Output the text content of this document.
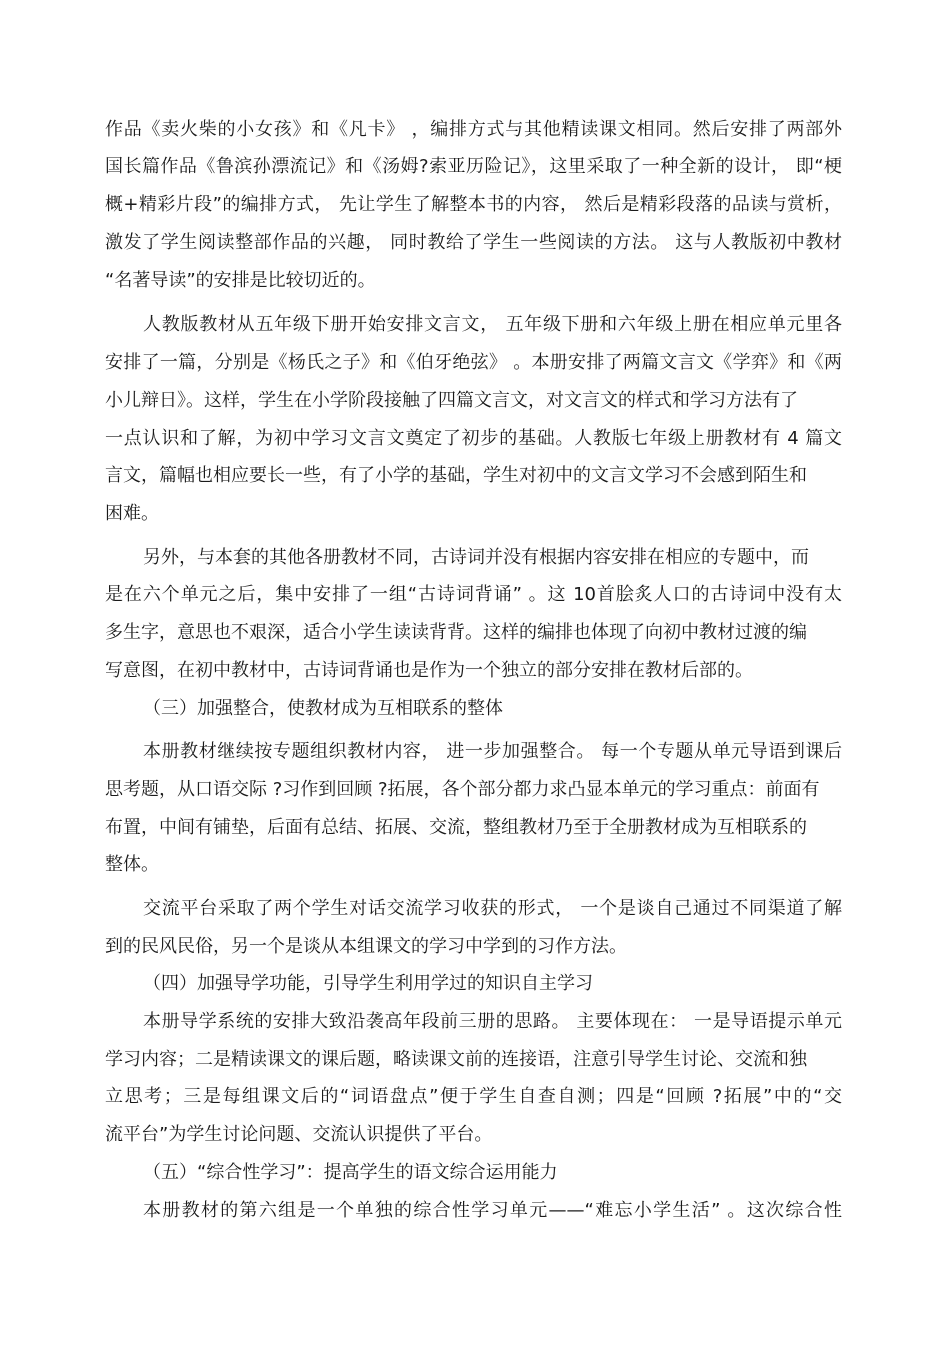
作品《卖火柴的小女孩》和《凡卡》 ，编排方式与其他精读课文相同。然后安排了两部外
国长篇作品《鲁滨孙漂流记》和《汤姆?索亚历险记》，这里采取了一种全新的设计， 即“梗
概+精彩片段”的编排方式， 先让学生了解整本书的内容， 然后是精彩段落的品读与赏析，
激发了学生阅读整部作品的兴趣， 同时教给了学生一些阅读的方法。 这与人教版初中教材
“名著导读”的安排是比较切近的。
人教版教材从五年级下册开始安排文言文， 五年级下册和六年级上册在相应单元里各
安排了一篇，分别是《杨氏之子》和《伯牙绝弦》 。本册安排了两篇文言文《学弈》和《两
小儿辩日》。这样，学生在小学阶段接触了四篇文言文，对文言文的样式和学习方法有了
一点认识和了解，为初中学习文言文奠定了初步的基础。人教版七年级上册教材有 4 篇文
言文，篇幅也相应要长一些，有了小学的基础，学生对初中的文言文学习不会感到陌生和
困难。
另外，与本套的其他各册教材不同，古诗词并没有根据内容安排在相应的专题中，而
是在六个单元之后，集中安排了一组“古诗词背诵” 。这 10首脍炙人口的古诗词中没有太
多生字，意思也不艰深，适合小学生读读背背。这样的编排也体现了向初中教材过渡的编
写意图，在初中教材中，古诗词背诵也是作为一个独立的部分安排在教材后部的。
（三）加强整合，使教材成为互相联系的整体
本册教材继续按专题组织教材内容， 进一步加强整合。 每一个专题从单元导语到课后
思考题，从口语交际 ?习作到回顾 ?拓展，各个部分都力求凸显本单元的学习重点：前面有
布置，中间有铺垫，后面有总结、拓展、交流，整组教材乃至于全册教材成为互相联系的
整体。
交流平台采取了两个学生对话交流学习收获的形式， 一个是谈自己通过不同渠道了解
到的民风民俗，另一个是谈从本组课文的学习中学到的习作方法。
（四）加强导学功能，引导学生利用学过的知识自主学习
本册导学系统的安排大致沿袭高年段前三册的思路。 主要体现在： 一是导语提示单元
学习内容；二是精读课文的课后题，略读课文前的连接语，注意引导学生讨论、交流和独
立思考；三是每组课文后的“词语盘点”便于学生自查自测；四是“回顾 ?拓展”中的“交
流平台”为学生讨论问题、交流认识提供了平台。
（五）“综合性学习”：提高学生的语文综合运用能力
本册教材的第六组是一个单独的综合性学习单元——“难忘小学生活” 。这次综合性
